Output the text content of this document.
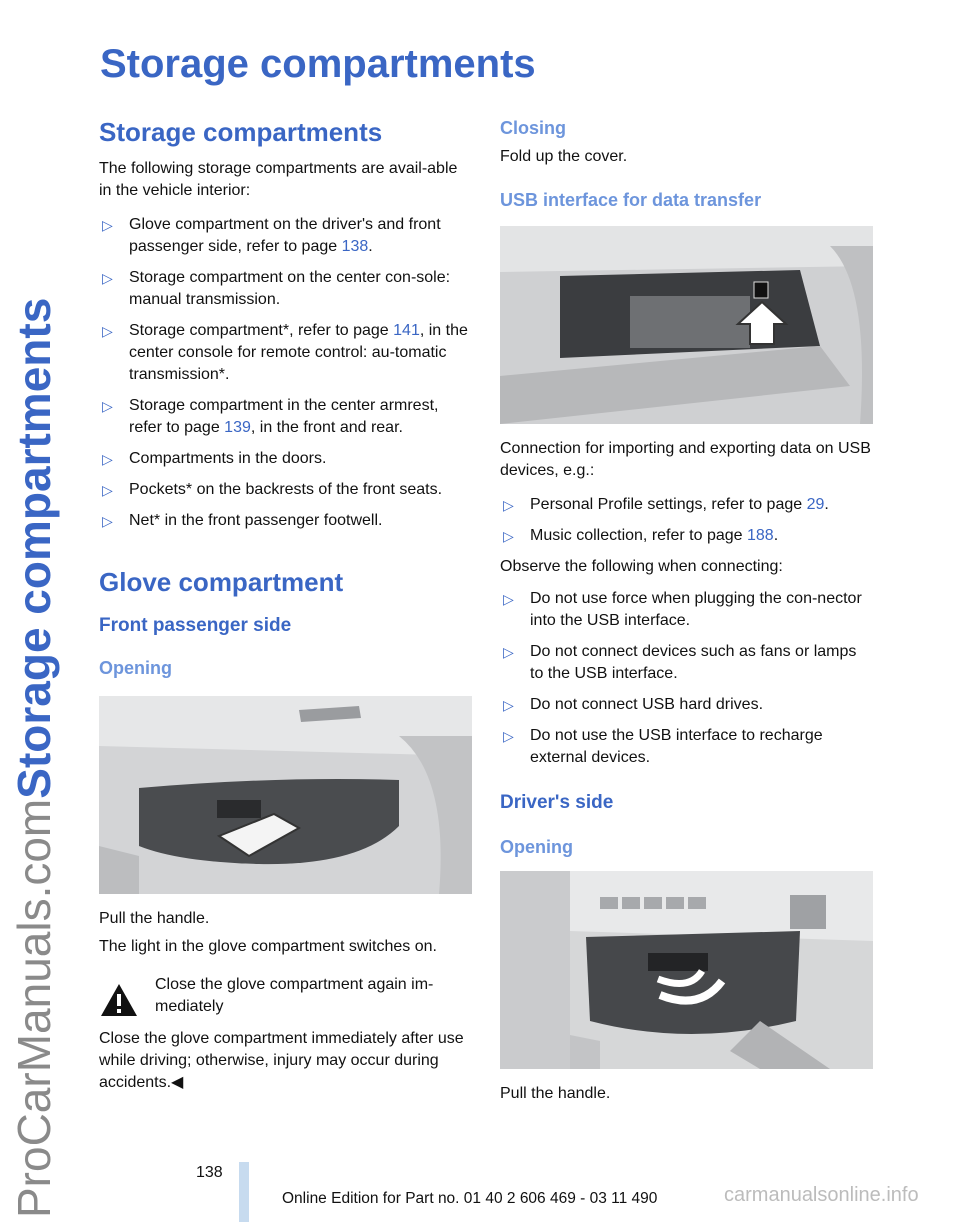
ProCarManuals.comStorage compartments
Storage compartments
Storage compartments

The following storage compartments are avail-able in the vehicle interior:

▷ Glove compartment on the driver's and front passenger side, refer to page 138.
▷ Storage compartment on the center con-sole: manual transmission.
▷ Storage compartment*, refer to page 141, in the center console for remote control: au-tomatic transmission*.
▷ Storage compartment in the center armrest, refer to page 139, in the front and rear.
▷ Compartments in the doors.
▷ Pockets* on the backrests of the front seats.
▷ Net* in the front passenger footwell.
Glove compartment
Front passenger side
Opening

Pull the handle.

The light in the glove compartment switches on.

Close the glove compartment again im-mediately

Close the glove compartment immediately after use while driving; otherwise, injury may occur during accidents.◀

Closing

Fold up the cover.

USB interface for data transfer

Connection for importing and exporting data on USB devices, e.g.:

▷ Personal Profile settings, refer to page 29.
▷ Music collection, refer to page 188.

Observe the following when connecting:

▷ Do not use force when plugging the con-nector into the USB interface.
▷ Do not connect devices such as fans or lamps to the USB interface.
▷ Do not connect USB hard drives.
▷ Do not use the USB interface to recharge external devices.
Driver's side
Opening

Pull the handle.

138
Online Edition for Part no. 01 40 2 606 469 - 03 11 490	carmanualsonline.info
